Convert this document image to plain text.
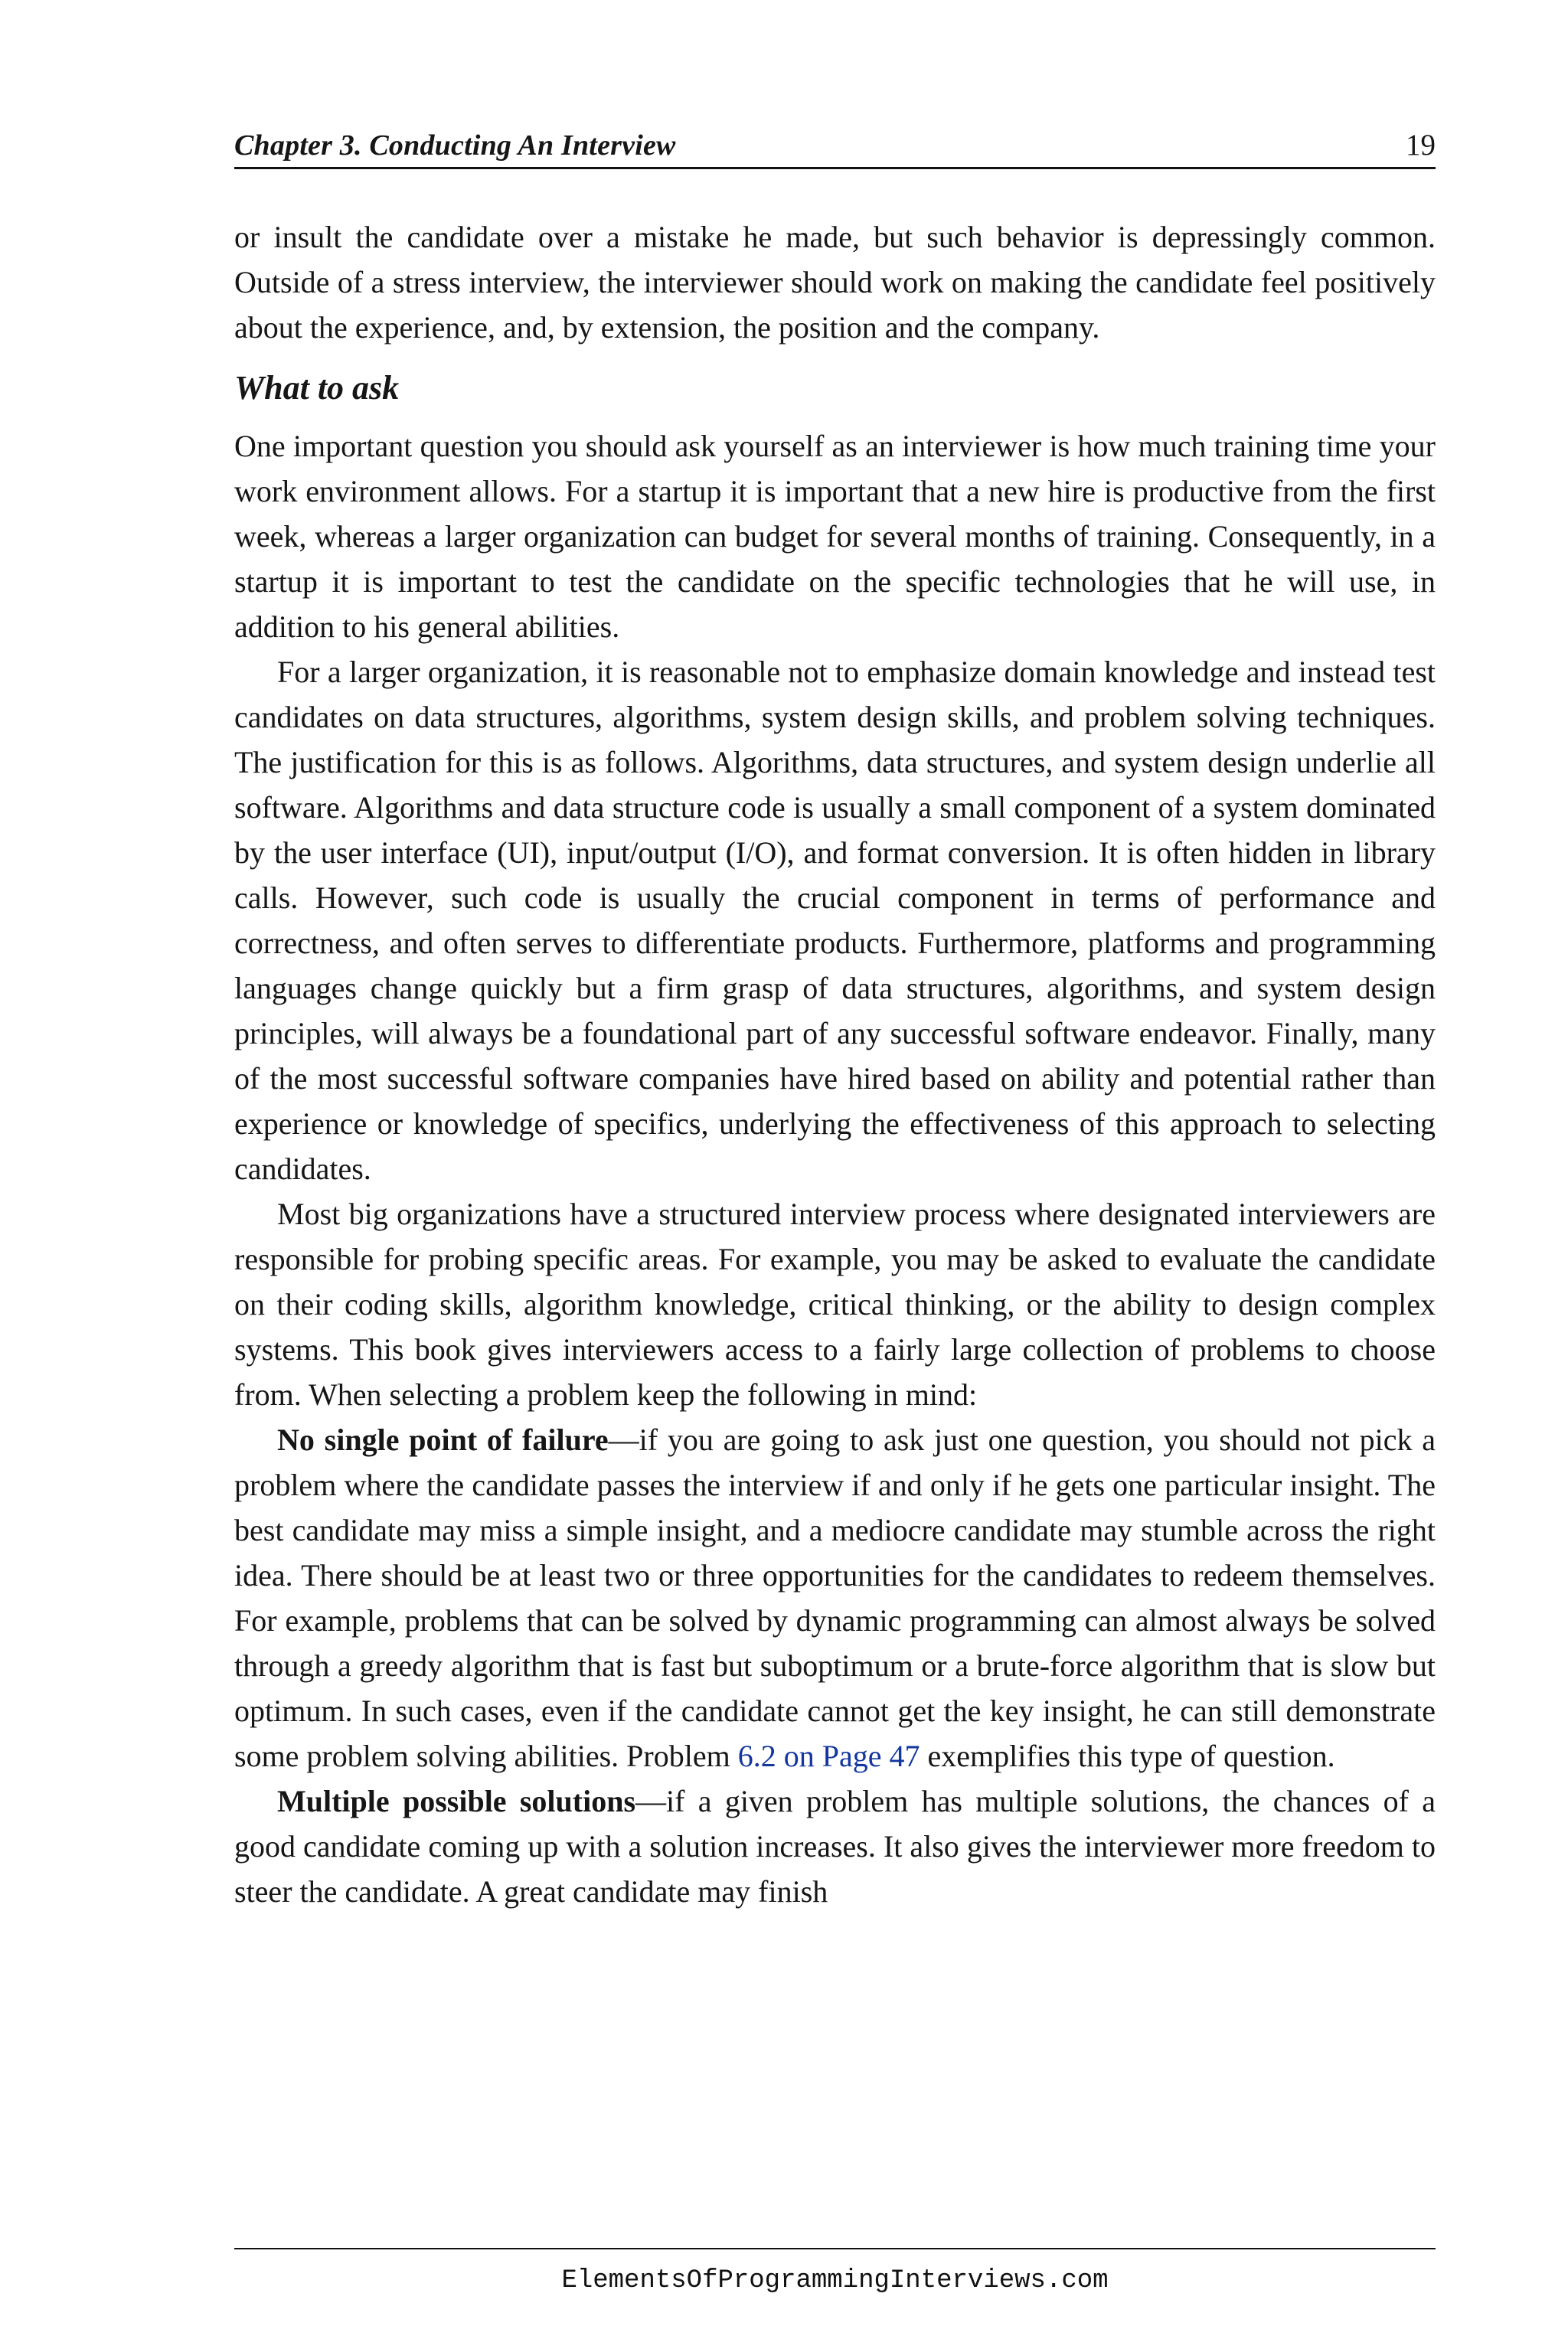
Chapter 3. Conducting An Interview	19

or insult the candidate over a mistake he made, but such behavior is depressingly common. Outside of a stress interview, the interviewer should work on making the candidate feel positively about the experience, and, by extension, the position and the company.

What to ask

One important question you should ask yourself as an interviewer is how much training time your work environment allows. For a startup it is important that a new hire is productive from the first week, whereas a larger organization can budget for several months of training. Consequently, in a startup it is important to test the candidate on the specific technologies that he will use, in addition to his general abilities.

For a larger organization, it is reasonable not to emphasize domain knowledge and instead test candidates on data structures, algorithms, system design skills, and problem solving techniques. The justification for this is as follows. Algorithms, data structures, and system design underlie all software. Algorithms and data structure code is usually a small component of a system dominated by the user interface (UI), input/output (I/O), and format conversion. It is often hidden in library calls. However, such code is usually the crucial component in terms of performance and correctness, and often serves to differentiate products. Furthermore, platforms and programming languages change quickly but a firm grasp of data structures, algorithms, and system design principles, will always be a foundational part of any successful software endeavor. Finally, many of the most successful software companies have hired based on ability and potential rather than experience or knowledge of specifics, underlying the effectiveness of this approach to selecting candidates.

Most big organizations have a structured interview process where designated interviewers are responsible for probing specific areas. For example, you may be asked to evaluate the candidate on their coding skills, algorithm knowledge, critical thinking, or the ability to design complex systems. This book gives interviewers access to a fairly large collection of problems to choose from. When selecting a problem keep the following in mind:

No single point of failure—if you are going to ask just one question, you should not pick a problem where the candidate passes the interview if and only if he gets one particular insight. The best candidate may miss a simple insight, and a mediocre candidate may stumble across the right idea. There should be at least two or three opportunities for the candidates to redeem themselves. For example, problems that can be solved by dynamic programming can almost always be solved through a greedy algorithm that is fast but suboptimum or a brute-force algorithm that is slow but optimum. In such cases, even if the candidate cannot get the key insight, he can still demonstrate some problem solving abilities. Problem 6.2 on Page 47 exemplifies this type of question.

Multiple possible solutions—if a given problem has multiple solutions, the chances of a good candidate coming up with a solution increases. It also gives the interviewer more freedom to steer the candidate. A great candidate may finish

ElementsOfProgrammingInterviews.com
